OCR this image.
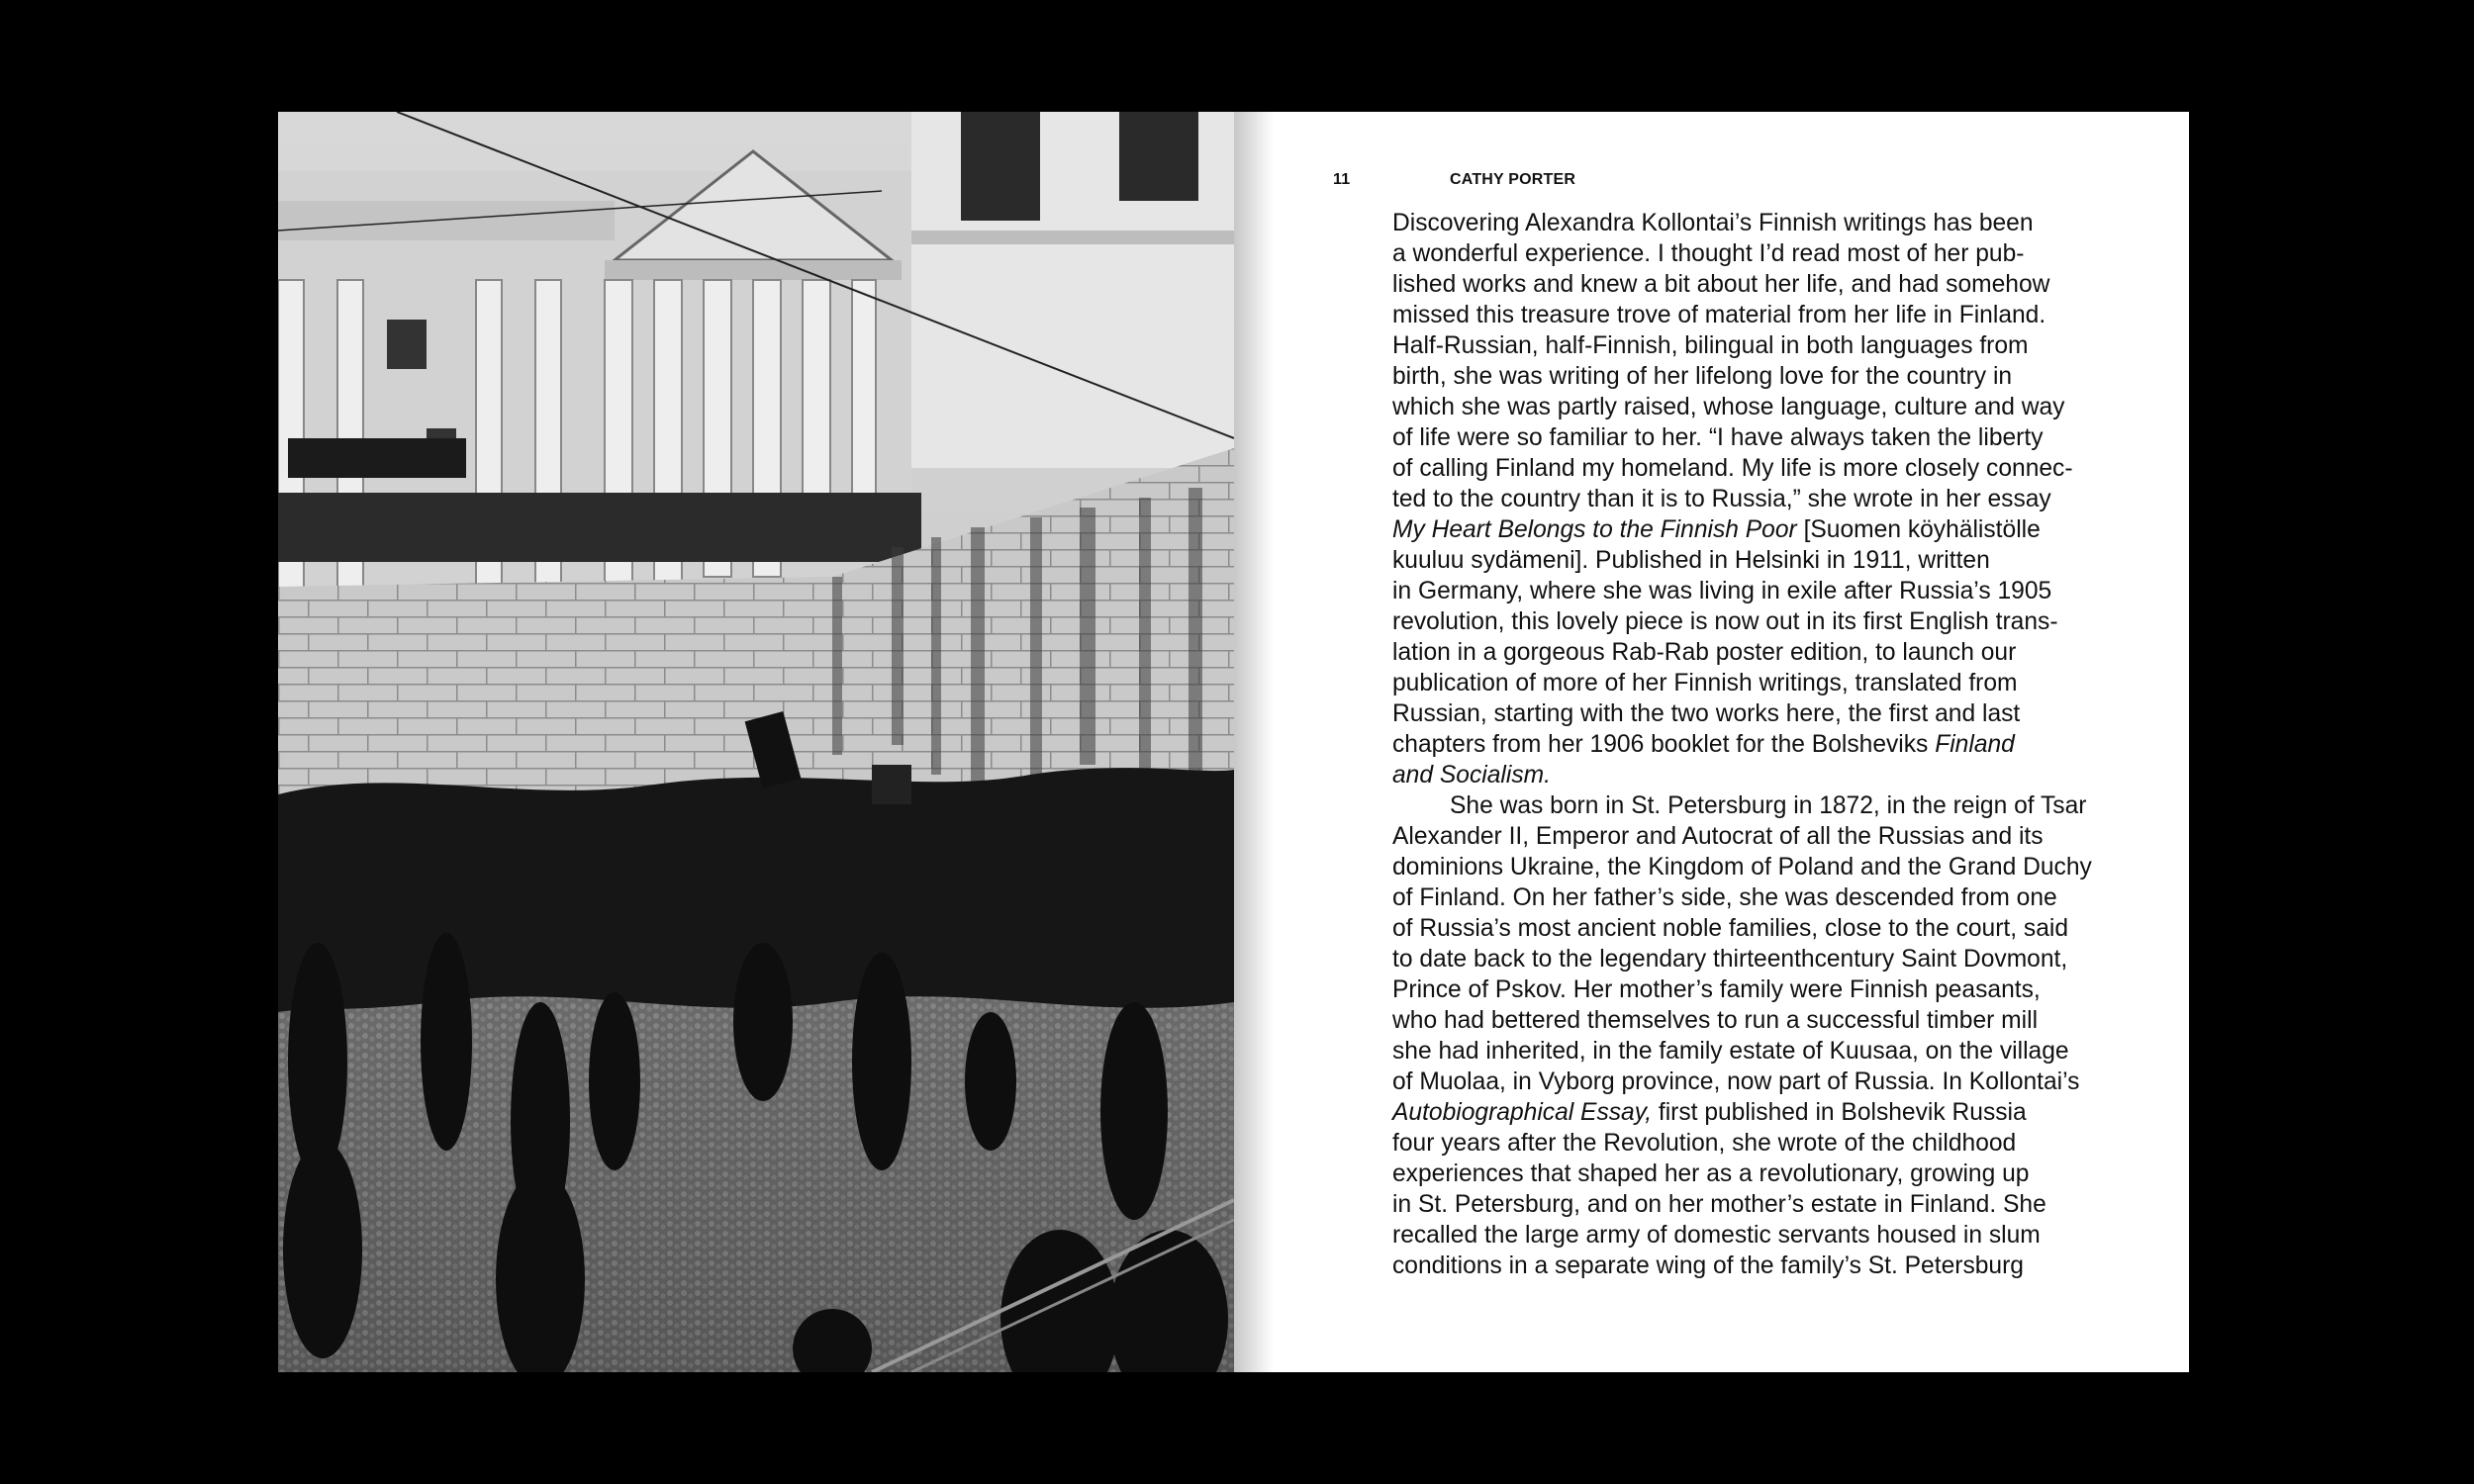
11	CATHY PORTER
Discovering Alexandra Kollontai’s Finnish writings has been
a wonderful experience. I thought I’d read most of her pub-
lished works and knew a bit about her life, and had somehow
missed this treasure trove of material from her life in Finland.
Half-Russian, half-Finnish, bilingual in both languages from
birth, she was writing of her lifelong love for the country in
which she was partly raised, whose language, culture and way
of life were so familiar to her. “I have always taken the liberty
of calling Finland my homeland. My life is more closely connec-
ted to the country than it is to Russia,” she wrote in her essay
My Heart Belongs to the Finnish Poor [Suomen köyhälistölle
kuuluu sydämeni]. Published in Helsinki in 1911, written
in Germany, where she was living in exile after Russia’s 1905
revolution, this lovely piece is now out in its first English trans-
lation in a gorgeous Rab-Rab poster edition, to launch our
publication of more of her Finnish writings, translated from
Russian, starting with the two works here, the first and last
chapters from her 1906 booklet for the Bolsheviks Finland
and Socialism.
She was born in St. Petersburg in 1872, in the reign of Tsar
Alexander II, Emperor and Autocrat of all the Russias and its
dominions Ukraine, the Kingdom of Poland and the Grand Duchy
of Finland. On her father’s side, she was descended from one
of Russia’s most ancient noble families, close to the court, said
to date back to the legendary thirteenthcentury Saint Dovmont,
Prince of Pskov. Her mother’s family were Finnish peasants,
who had bettered themselves to run a successful timber mill
she had inherited, in the family estate of Kuusaa, on the village
of Muolaa, in Vyborg province, now part of Russia. In Kollontai’s
Autobiographical Essay, first published in Bolshevik Russia
four years after the Revolution, she wrote of the childhood
experiences that shaped her as a revolutionary, growing up
in St. Petersburg, and on her mother’s estate in Finland. She
recalled the large army of domestic servants housed in slum
conditions in a separate wing of the family’s St. Petersburg
